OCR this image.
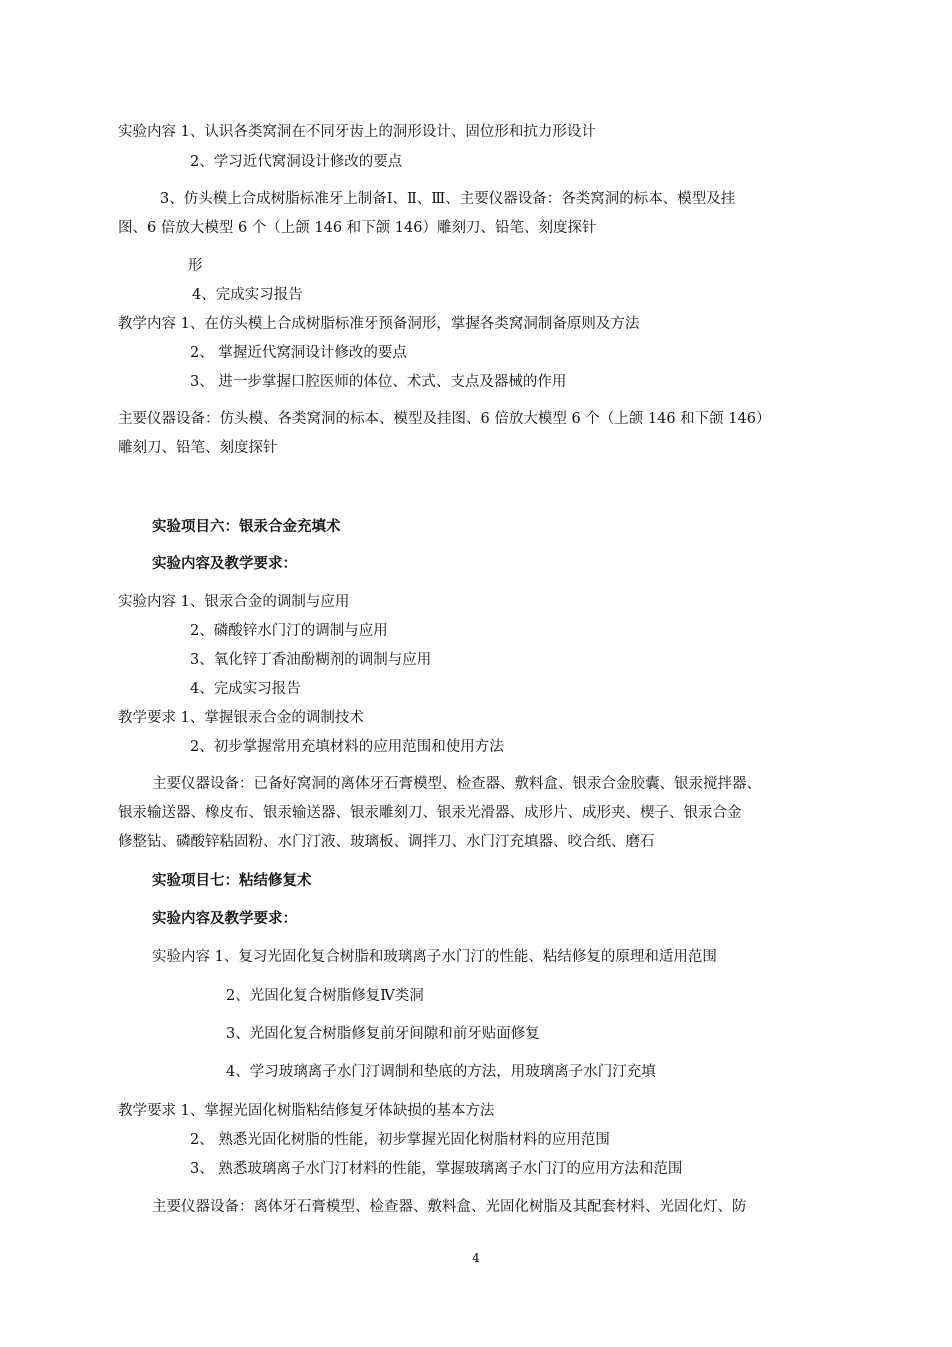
实验内容 1、认识各类窝洞在不同牙齿上的洞形设计、固位形和抗力形设计
2、学习近代窝洞设计修改的要点
3、仿头模上合成树脂标准牙上制备Ⅰ、Ⅱ、Ⅲ、主要仪器设备：各类窝洞的标本、模型及挂
图、6 倍放大模型 6 个（上颌 146 和下颌 146）雕刻刀、铅笔、刻度探针
形
4、完成实习报告
教学内容 1、在仿头模上合成树脂标准牙预备洞形，掌握各类窝洞制备原则及方法
2、 掌握近代窝洞设计修改的要点
3、 进一步掌握口腔医师的体位、术式、支点及器械的作用
主要仪器设备：仿头模、各类窝洞的标本、模型及挂图、6 倍放大模型 6 个（上颌 146 和下颌 146）
雕刻刀、铅笔、刻度探针
实验项目六：银汞合金充填术
实验内容及教学要求：
实验内容 1、银汞合金的调制与应用
2、磷酸锌水门汀的调制与应用
3、氧化锌丁香油酚糊剂的调制与应用
4、完成实习报告
教学要求 1、掌握银汞合金的调制技术
2、初步掌握常用充填材料的应用范围和使用方法
主要仪器设备：已备好窝洞的离体牙石膏模型、检查器、敷料盒、银汞合金胶囊、银汞搅拌器、
银汞输送器、橡皮布、银汞输送器、银汞雕刻刀、银汞光滑器、成形片、成形夹、楔子、银汞合金
修整钻、磷酸锌粘固粉、水门汀液、玻璃板、调拌刀、水门汀充填器、咬合纸、磨石
实验项目七：粘结修复术
实验内容及教学要求：
实验内容 1、复习光固化复合树脂和玻璃离子水门汀的性能、粘结修复的原理和适用范围
2、光固化复合树脂修复Ⅳ类洞
3、光固化复合树脂修复前牙间隙和前牙贴面修复
4、学习玻璃离子水门汀调制和垫底的方法，用玻璃离子水门汀充填
教学要求 1、掌握光固化树脂粘结修复牙体缺损的基本方法
2、 熟悉光固化树脂的性能，初步掌握光固化树脂材料的应用范围
3、 熟悉玻璃离子水门汀材料的性能，掌握玻璃离子水门汀的应用方法和范围
主要仪器设备：离体牙石膏模型、检查器、敷料盒、光固化树脂及其配套材料、光固化灯、防
4
